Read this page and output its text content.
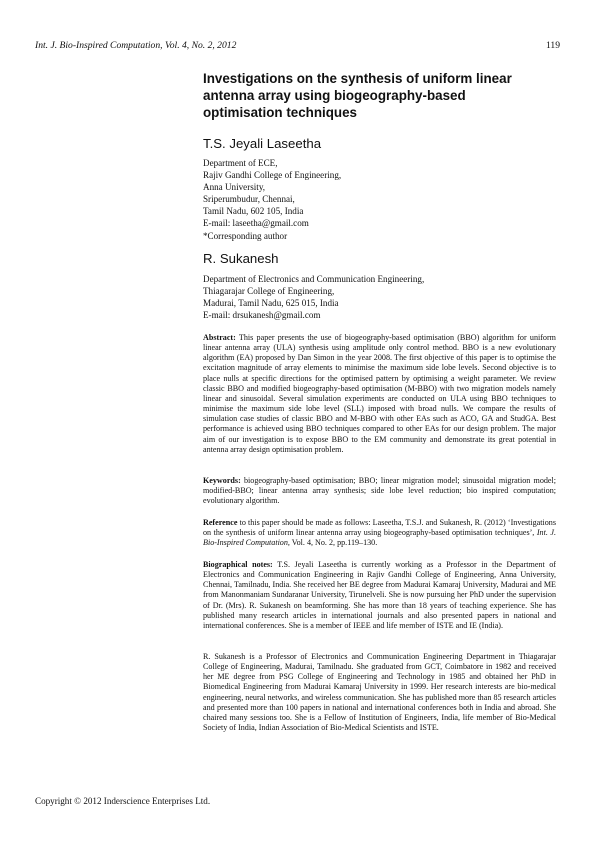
Int. J. Bio-Inspired Computation, Vol. 4, No. 2, 2012	119
Investigations on the synthesis of uniform linear antenna array using biogeography-based optimisation techniques
T.S. Jeyali Laseetha
Department of ECE,
Rajiv Gandhi College of Engineering,
Anna University,
Sriperumbudur, Chennai,
Tamil Nadu, 602 105, India
E-mail: laseetha@gmail.com
*Corresponding author
R. Sukanesh
Department of Electronics and Communication Engineering,
Thiagarajar College of Engineering,
Madurai, Tamil Nadu, 625 015, India
E-mail: drsukanesh@gmail.com

Abstract: This paper presents the use of biogeography-based optimisation (BBO) algorithm for uniform linear antenna array (ULA) synthesis using amplitude only control method. BBO is a new evolutionary algorithm (EA) proposed by Dan Simon in the year 2008. The first objective of this paper is to optimise the excitation magnitude of array elements to minimise the maximum side lobe levels. Second objective is to place nulls at specific directions for the optimised pattern by optimising a weight parameter. We review classic BBO and modified biogeography-based optimisation (M-BBO) with two migration models namely linear and sinusoidal. Several simulation experiments are conducted on ULA using BBO techniques to minimise the maximum side lobe level (SLL) imposed with broad nulls. We compare the results of simulation case studies of classic BBO and M-BBO with other EAs such as ACO, GA and StudGA. Best performance is achieved using BBO techniques compared to other EAs for our design problem. The major aim of our investigation is to expose BBO to the EM community and demonstrate its great potential in antenna array design optimisation problem.

Keywords: biogeography-based optimisation; BBO; linear migration model; sinusoidal migration model; modified-BBO; linear antenna array synthesis; side lobe level reduction; bio inspired computation; evolutionary algorithm.

Reference to this paper should be made as follows: Laseetha, T.S.J. and Sukanesh, R. (2012) ‘Investigations on the synthesis of uniform linear antenna array using biogeography-based optimisation techniques’, Int. J. Bio-Inspired Computation, Vol. 4, No. 2, pp.119–130.

Biographical notes: T.S. Jeyali Laseetha is currently working as a Professor in the Department of Electronics and Communication Engineering in Rajiv Gandhi College of Engineering, Anna University, Chennai, Tamilnadu, India. She received her BE degree from Madurai Kamaraj University, Madurai and ME from Manonmaniam Sundaranar University, Tirunelveli. She is now pursuing her PhD under the supervision of Dr. (Mrs). R. Sukanesh on beamforming. She has more than 18 years of teaching experience. She has published many research articles in international journals and also presented papers in national and international conferences. She is a member of IEEE and life member of ISTE and IE (India).

R. Sukanesh is a Professor of Electronics and Communication Engineering Department in Thiagarajar College of Engineering, Madurai, Tamilnadu. She graduated from GCT, Coimbatore in 1982 and received her ME degree from PSG College of Engineering and Technology in 1985 and obtained her PhD in Biomedical Engineering from Madurai Kamaraj University in 1999. Her research interests are bio-medical engineering, neural networks, and wireless communication. She has published more than 85 research articles and presented more than 100 papers in national and international conferences both in India and abroad. She chaired many sessions too. She is a Fellow of Institution of Engineers, India, life member of Bio-Medical Society of India, Indian Association of Bio-Medical Scientists and ISTE.

Copyright © 2012 Inderscience Enterprises Ltd.
